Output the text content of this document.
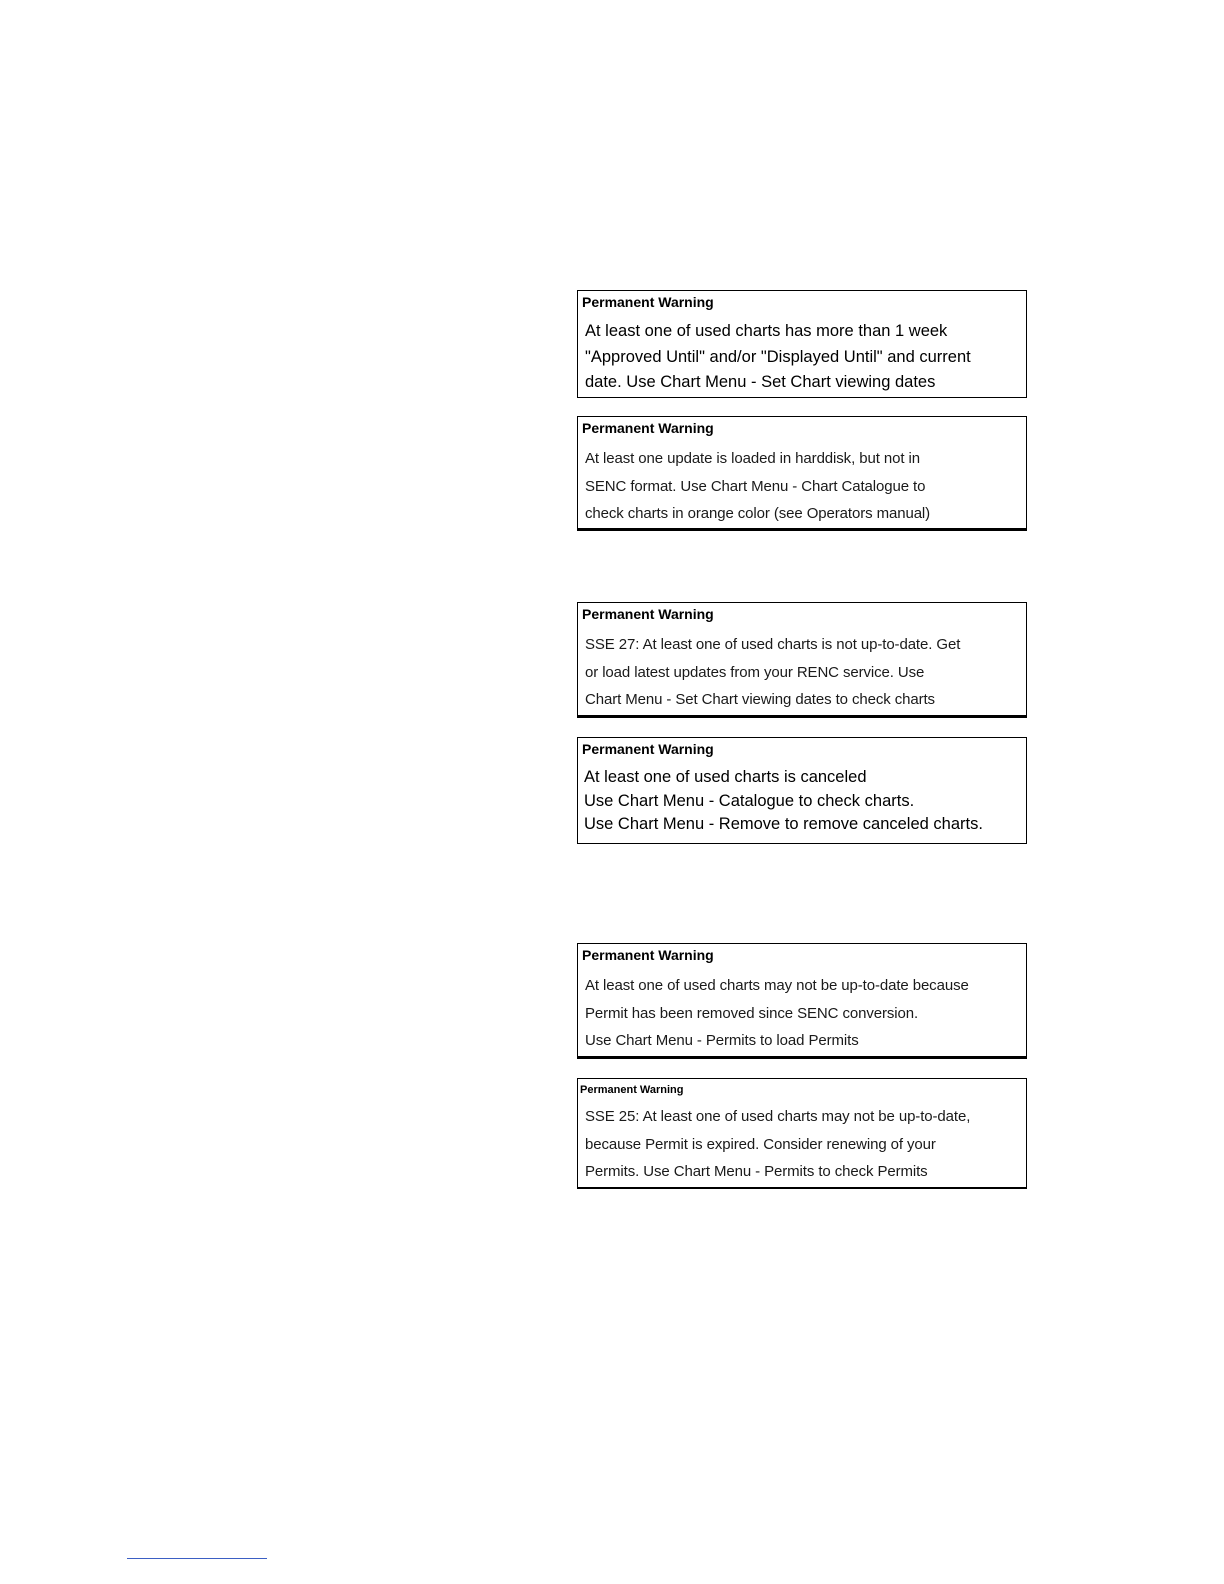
Permanent Warning
At least one of used charts has more than 1 week
"Approved Until" and/or "Displayed Until" and current
date. Use Chart Menu - Set Chart viewing dates
Permanent Warning
At least one update is loaded in harddisk, but not in
SENC format. Use Chart Menu - Chart Catalogue to
check charts in orange color (see Operators manual)
Permanent Warning
SSE 27: At least one of used charts is not up-to-date. Get
or load latest updates from your RENC service. Use
Chart Menu - Set Chart viewing dates to check charts
Permanent Warning
At least one of used charts is canceled
Use Chart Menu - Catalogue to check charts.
Use Chart Menu - Remove to remove canceled charts.
Permanent Warning
At least one of used charts may not be up-to-date because
Permit has been removed since SENC conversion.
Use Chart Menu - Permits to load Permits
Permanent Warning
SSE 25: At least one of used charts may not be up-to-date,
because Permit is expired. Consider renewing of your
Permits. Use Chart Menu - Permits to check Permits
